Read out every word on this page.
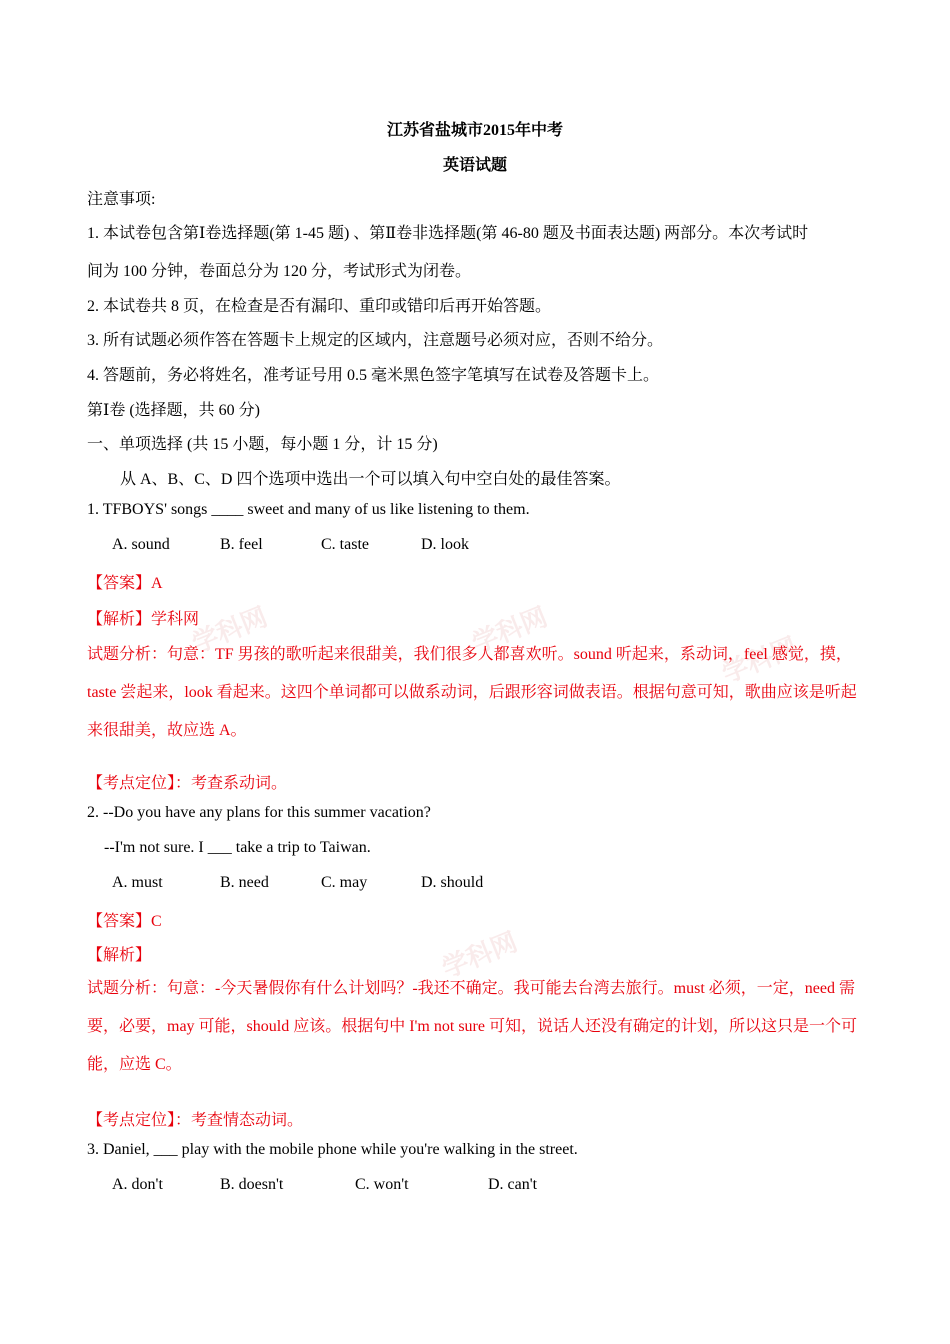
学科网	学科网
学科网
学科网
江苏省盐城市2015年中考
英语试题
注意事项:
1. 本试卷包含第Ⅰ卷选择题(第 1-45 题) 、第Ⅱ卷非选择题(第 46-80 题及书面表达题) 两部分。本次考试时
间为 100 分钟，卷面总分为 120 分，考试形式为闭卷。
2. 本试卷共 8 页，在检查是否有漏印、重印或错印后再开始答题。
3. 所有试题必须作答在答题卡上规定的区域内，注意题号必须对应，否则不给分。
4. 答题前，务必将姓名，准考证号用 0.5 毫米黑色签字笔填写在试卷及答题卡上。
第Ⅰ卷 (选择题，共 60 分)
一、单项选择 (共 15 小题，每小题 1 分，计 15 分)
从 A、B、C、D 四个选项中选出一个可以填入句中空白处的最佳答案。
1. TFBOYS' songs ____ sweet and many of us like listening to them.
A. sound	B. feel	C. taste	D. look
【答案】A
【解析】学科网
试题分析：句意：TF 男孩的歌听起来很甜美，我们很多人都喜欢听。sound 听起来，系动词，feel 感觉，摸，taste 尝起来，look 看起来。这四个单词都可以做系动词，后跟形容词做表语。根据句意可知，歌曲应该是听起来很甜美，故应选 A。
【考点定位】：考查系动词。
2. --Do you have any plans for this summer vacation?
--I'm not sure. I ___ take a trip to Taiwan.
A. must	B. need	C. may	D. should
【答案】C
【解析】
试题分析：句意：-今天暑假你有什么计划吗？-我还不确定。我可能去台湾去旅行。must 必须，一定，need 需要，必要，may 可能，should 应该。根据句中 I'm not sure 可知，说话人还没有确定的计划，所以这只是一个可能，应选 C。
【考点定位】：考查情态动词。
3. Daniel, ___ play with the mobile phone while you're walking in the street.
A. don't	B. doesn't	C. won't	D. can't
